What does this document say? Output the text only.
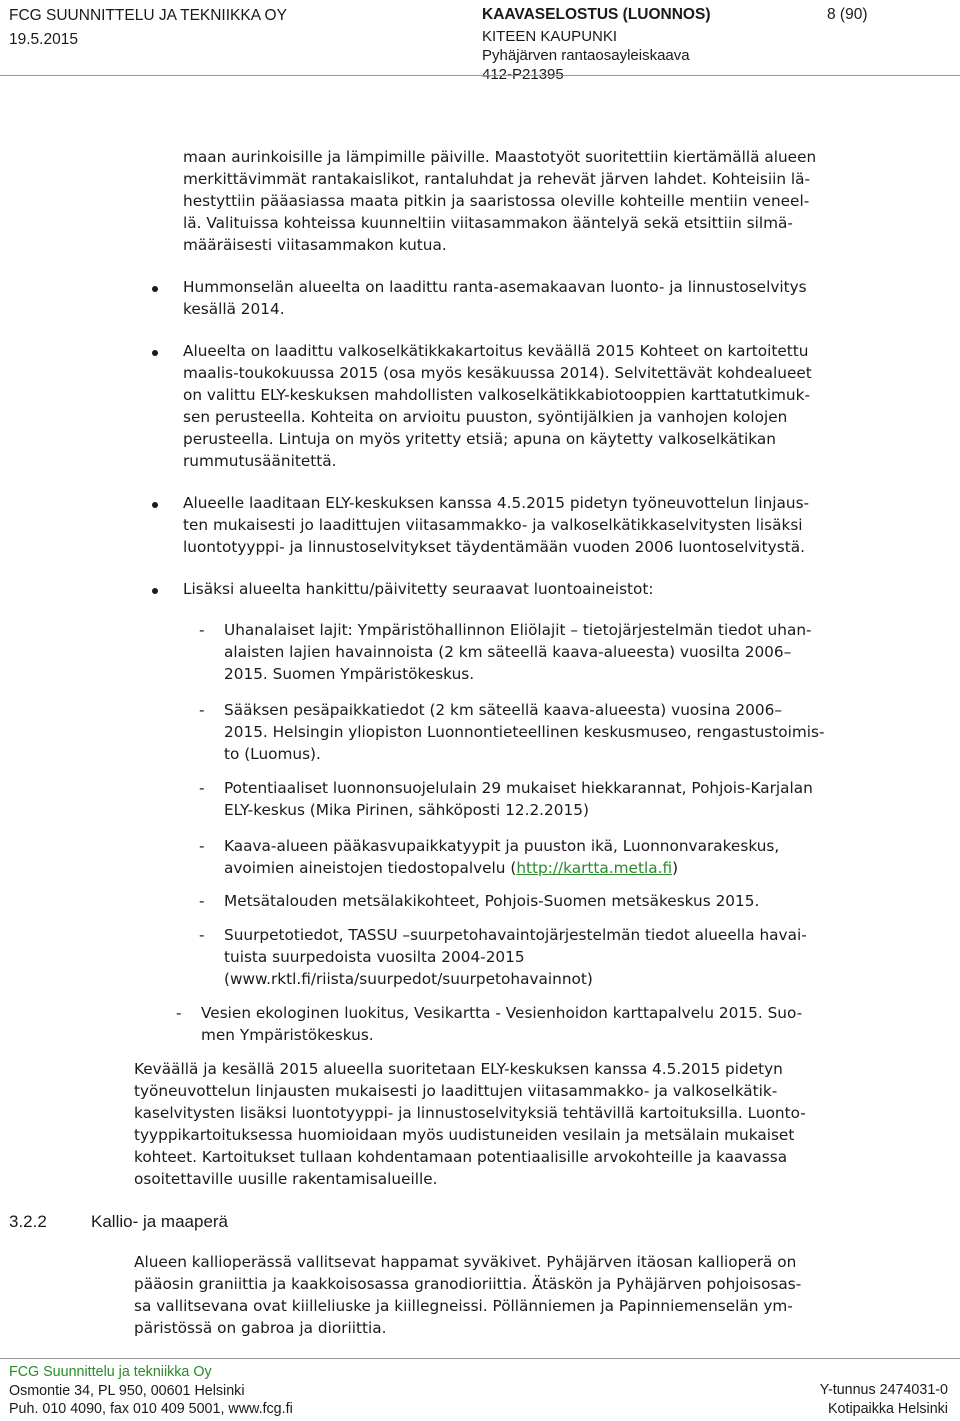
FCG SUUNNITTELU JA TEKNIIKKA OY
19.5.2015
KAAVASELOSTUS (LUONNOS)
KITEEN KAUPUNKI
Pyhäjärven rantaosayleiskaava
412-P21395
8 (90)
maan aurinkoisille ja lämpimille päiville. Maastotyöt suoritettiin kiertämällä alueen
merkittävimmät rantakaislikot, rantaluhdat ja rehevät järven lahdet. Kohteisiin lä-
hestyttiin pääasiassa maata pitkin ja saaristossa oleville kohteille mentiin veneel-
lä. Valituissa kohteissa kuunneltiin viitasammakon ääntelyä sekä etsittiin silmä-
määräisesti viitasammakon kutua.
Hummonselän alueelta on laadittu ranta-asemakaavan luonto- ja linnustoselvitys
kesällä 2014.
Alueelta on laadittu valkoselkätikkakartoitus keväällä 2015 Kohteet on kartoitettu
maalis-toukokuussa 2015 (osa myös kesäkuussa 2014). Selvitettävät kohdealueet
on valittu ELY-keskuksen mahdollisten valkoselkätikkabiotooppien karttatutkimuk-
sen perusteella. Kohteita on arvioitu puuston, syöntijälkien ja vanhojen kolojen
perusteella. Lintuja on myös yritetty etsiä; apuna on käytetty valkoselkätikan
rummutusäänitettä.
Alueelle laaditaan ELY-keskuksen kanssa 4.5.2015 pidetyn työneuvottelun linjaus-
ten mukaisesti jo laadittujen viitasammakko- ja valkoselkätikkaselvitysten lisäksi
luontotyyppi- ja linnustoselvitykset täydentämään vuoden 2006 luontoselvitystä.
Lisäksi alueelta hankittu/päivitetty seuraavat luontoaineistot:
- Uhanalaiset lajit: Ympäristöhallinnon Eliölajit – tietojärjestelmän tiedot uhan-
alaisten lajien havainnoista (2 km säteellä kaava-alueesta) vuosilta 2006–
2015. Suomen Ympäristökeskus.
- Sääksen pesäpaikkatiedot (2 km säteellä kaava-alueesta) vuosina 2006–
2015. Helsingin yliopiston Luonnontieteellinen keskusmuseo, rengastustoimis-
to (Luomus).
- Potentiaaliset luonnonsuojelulain 29 mukaiset hiekkarannat, Pohjois-Karjalan
ELY-keskus (Mika Pirinen, sähköposti 12.2.2015)
- Kaava-alueen pääkasvupaikkatyypit ja puuston ikä, Luonnonvarakeskus,
avoimien aineistojen tiedostopalvelu (http://kartta.metla.fi)
- Metsätalouden metsälakikohteet, Pohjois-Suomen metsäkeskus 2015.
- Suurpetotiedot, TASSU –suurpetohavaintojärjestelmän tiedot alueella havai-
tuista suurpedoista vuosilta 2004-2015
(www.rktl.fi/riista/suurpedot/suurpetohavainnot)
- Vesien ekologinen luokitus, Vesikartta - Vesienhoidon karttapalvelu 2015. Suo-
men Ympäristökeskus.
Keväällä ja kesällä 2015 alueella suoritetaan ELY-keskuksen kanssa 4.5.2015 pidetyn
työneuvottelun linjausten mukaisesti jo laadittujen viitasammakko- ja valkoselkätik-
kaselvitysten lisäksi luontotyyppi- ja linnustoselvityksiä tehtävillä kartoituksilla. Luonto-
tyyppikartoituksessa huomioidaan myös uudistuneiden vesilain ja metsälain mukaiset
kohteet. Kartoitukset tullaan kohdentamaan potentiaalisille arvokohteille ja kaavassa
osoitettaville uusille rakentamisalueille.
3.2.2	Kallio- ja maaperä
Alueen kallioperässä vallitsevat happamat syväkivet. Pyhäjärven itäosan kallioperä on
pääosin graniittia ja kaakkoisosassa granodioriittia. Ätäskön ja Pyhäjärven pohjoisosas-
sa vallitsevana ovat kiilleliuske ja kiillegneissi. Pöllänniemen ja Papinniemenselän ym-
päristössä on gabroa ja dioriittia.
FCG Suunnittelu ja tekniikka Oy
Osmontie 34, PL 950, 00601 Helsinki
Puh. 010 4090, fax 010 409 5001, www.fcg.fi
Y-tunnus 2474031-0
Kotipaikka Helsinki
